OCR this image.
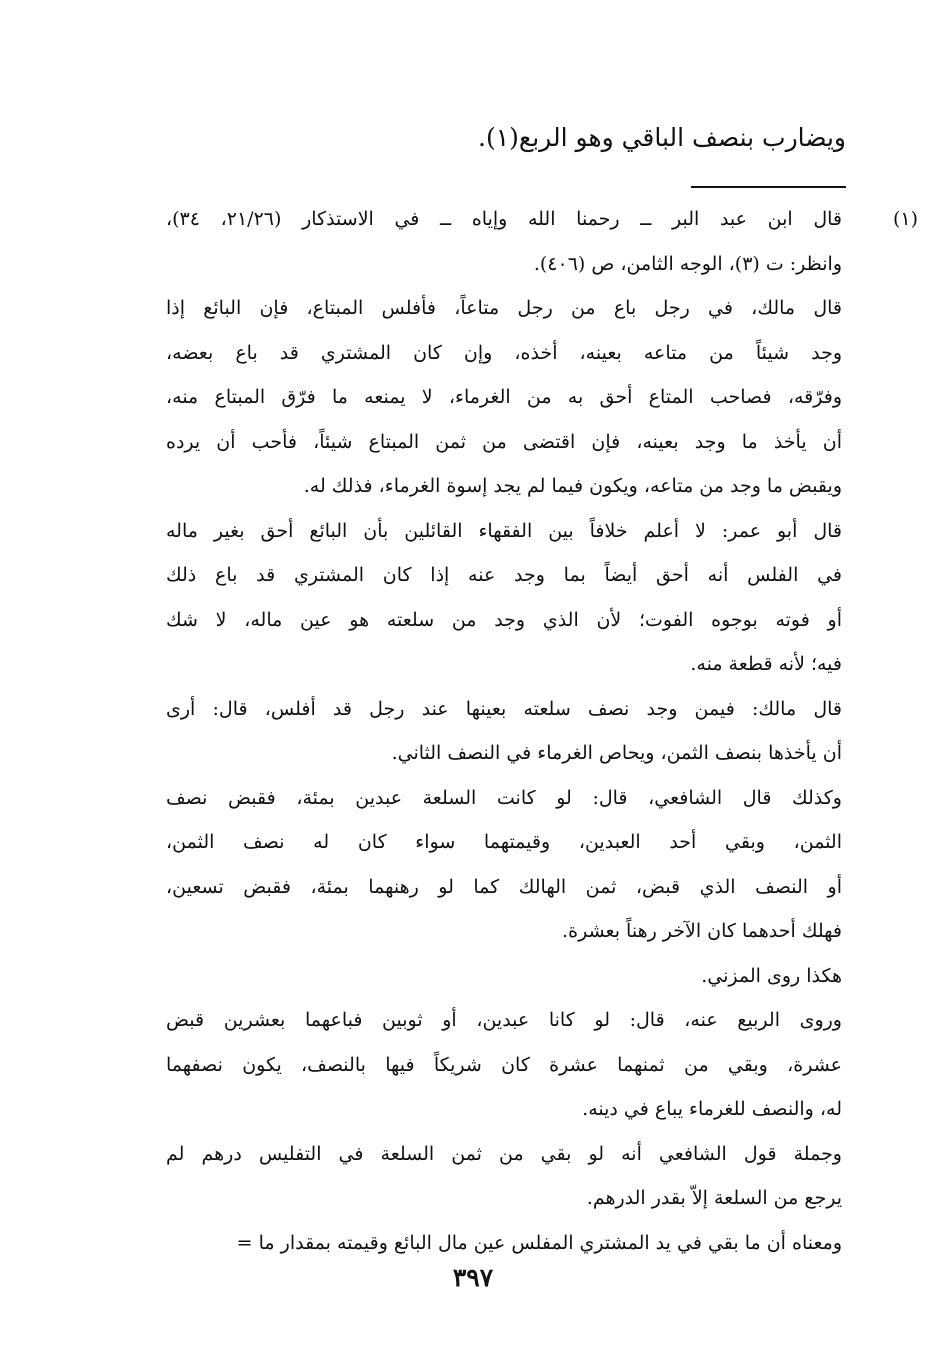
ويضارب بنصف الباقي وهو الربع(١).
(١)
قال ابن عبد البر ــ رحمنا الله وإياه ــ في الاستذكار (٢١/٢٦، ٣٤)،
وانظر: ت (٣)، الوجه الثامن، ص (٤٠٦).
قال مالك، في رجل باع من رجل متاعاً، فأفلس المبتاع، فإن البائع إذا
وجد شيئاً من متاعه بعينه، أخذه، وإن كان المشتري قد باع بعضه،
وفرّقه، فصاحب المتاع أحق به من الغرماء، لا يمنعه ما فرّق المبتاع منه،
أن يأخذ ما وجد بعينه، فإن اقتضى من ثمن المبتاع شيئاً، فأحب أن يرده
ويقبض ما وجد من متاعه، ويكون فيما لم يجد إسوة الغرماء، فذلك له.
قال أبو عمر: لا أعلم خلافاً بين الفقهاء القائلين بأن البائع أحق بغير ماله
في الفلس أنه أحق أيضاً بما وجد عنه إذا كان المشتري قد باع ذلك
أو فوته بوجوه الفوت؛ لأن الذي وجد من سلعته هو عين ماله، لا شك
فيه؛ لأنه قطعة منه.
قال مالك: فيمن وجد نصف سلعته بعينها عند رجل قد أفلس، قال: أرى
أن يأخذها بنصف الثمن، ويحاص الغرماء في النصف الثاني.
وكذلك قال الشافعي، قال: لو كانت السلعة عبدين بمئة، فقبض نصف
الثمن، وبقي أحد العبدين، وقيمتهما سواء كان له نصف الثمن،
أو النصف الذي قبض، ثمن الهالك كما لو رهنهما بمئة، فقبض تسعين،
فهلك أحدهما كان الآخر رهناً بعشرة.
هكذا روى المزني.
وروى الربيع عنه، قال: لو كانا عبدين، أو ثوبين فباعهما بعشرين قبض
عشرة، وبقي من ثمنهما عشرة كان شريكاً فيها بالنصف، يكون نصفهما
له، والنصف للغرماء يباع في دينه.
وجملة قول الشافعي أنه لو بقي من ثمن السلعة في التفليس درهم لم
يرجع من السلعة إلاّ بقدر الدرهم.
ومعناه أن ما بقي في يد المشتري المفلس عين مال البائع وقيمته بمقدار ما =
٣٩٧
